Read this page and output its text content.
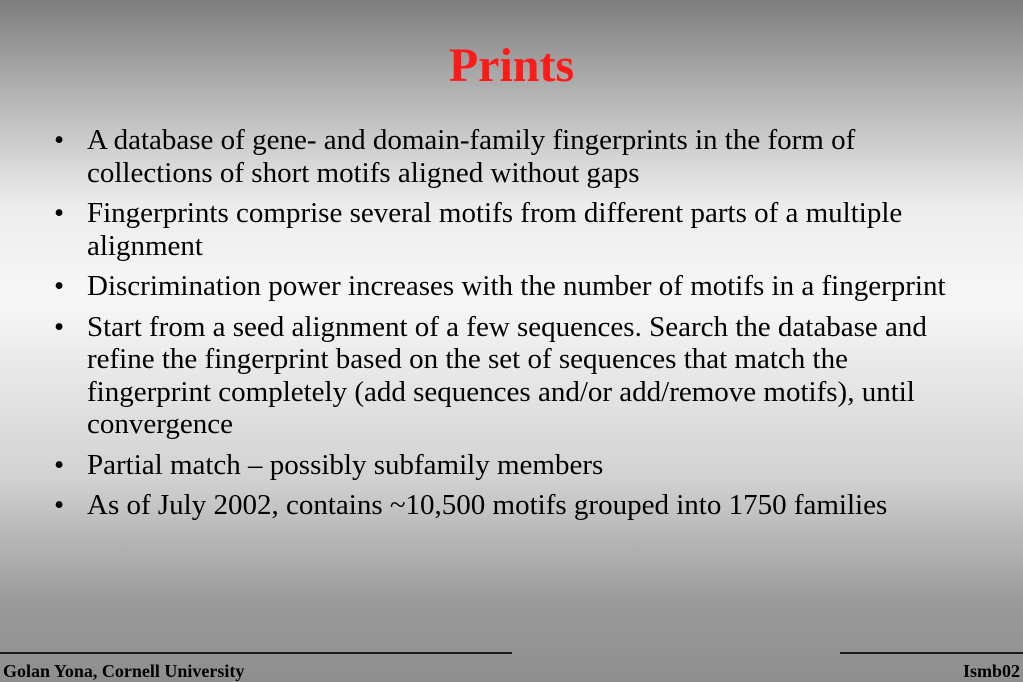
Prints
• A database of gene- and domain-family fingerprints in the form of collections of short motifs aligned without gaps
• Fingerprints comprise several motifs from different parts of a multiple alignment
• Discrimination power increases with the number of motifs in a fingerprint
• Start from a seed alignment of a few sequences. Search the database and refine the fingerprint based on the set of sequences that match the fingerprint completely (add sequences and/or add/remove motifs), until convergence
• Partial match – possibly subfamily members
• As of July 2002, contains ~10,500 motifs grouped into 1750 families
Golan Yona, Cornell University	Ismb02
